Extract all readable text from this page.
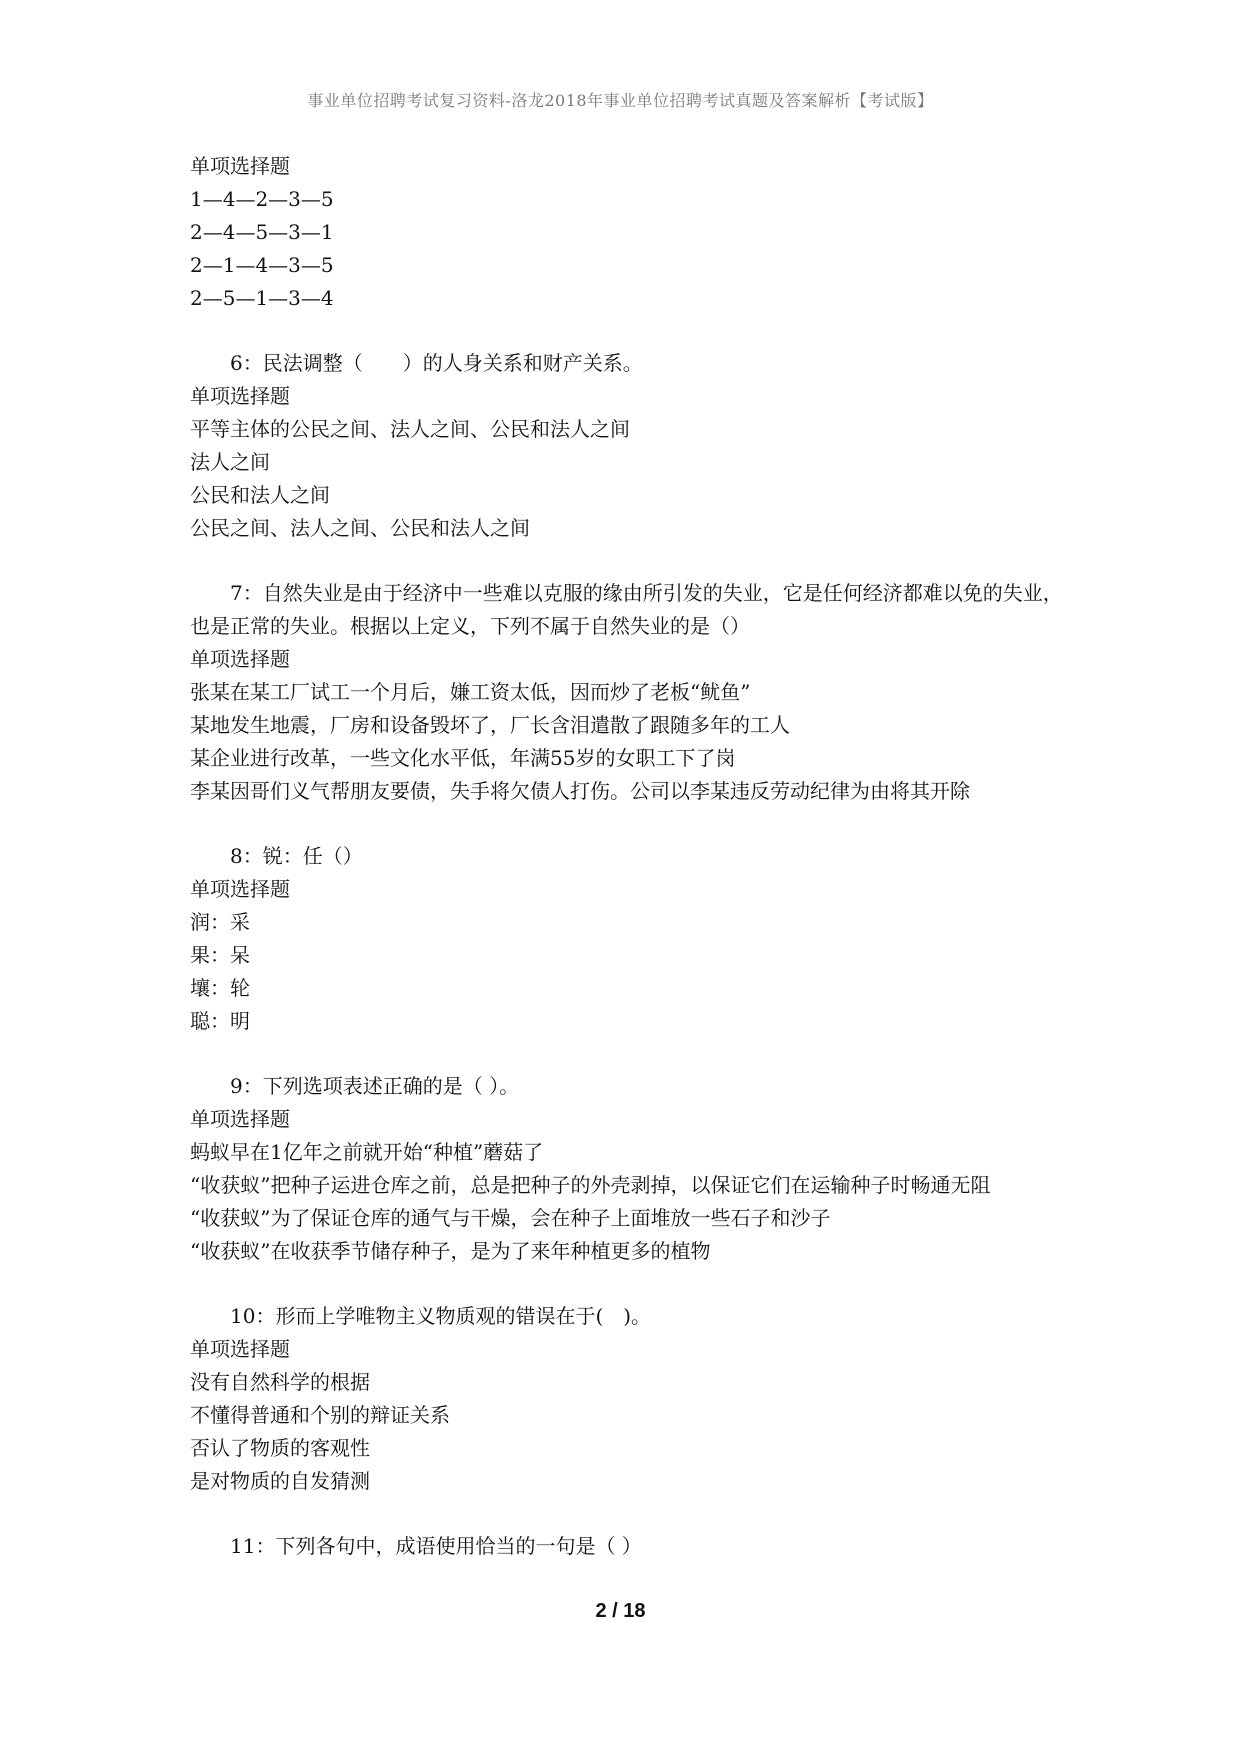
事业单位招聘考试复习资料-洛龙2018年事业单位招聘考试真题及答案解析【考试版】
单项选择题
1—4—2—3—5
2—4—5—3—1
2—1—4—3—5
2—5—1—3—4
6：民法调整（　　）的人身关系和财产关系。
单项选择题
平等主体的公民之间、法人之间、公民和法人之间
法人之间
公民和法人之间
公民之间、法人之间、公民和法人之间
7：自然失业是由于经济中一些难以克服的缘由所引发的失业，它是任何经济都难以免的失业，也是正常的失业。根据以上定义，下列不属于自然失业的是（）
单项选择题
张某在某工厂试工一个月后，嫌工资太低，因而炒了老板“鱿鱼”
某地发生地震，厂房和设备毁坏了，厂长含泪遣散了跟随多年的工人
某企业进行改革，一些文化水平低，年满55岁的女职工下了岗
李某因哥们义气帮朋友要债，失手将欠债人打伤。公司以李某违反劳动纪律为由将其开除
8：锐：任（）
单项选择题
润：采
果：呆
壤：轮
聪：明
9：下列选项表述正确的是（ ）。
单项选择题
蚂蚁早在1亿年之前就开始“种植”蘑菇了
“收获蚁”把种子运进仓库之前，总是把种子的外壳剥掉，以保证它们在运输种子时畅通无阻
“收获蚁”为了保证仓库的通气与干燥，会在种子上面堆放一些石子和沙子
“收获蚁”在收获季节储存种子，是为了来年种植更多的植物
10：形而上学唯物主义物质观的错误在于(　)。
单项选择题
没有自然科学的根据
不懂得普通和个别的辩证关系
否认了物质的客观性
是对物质的自发猜测
11：下列各句中，成语使用恰当的一句是（ ）
2 / 18
